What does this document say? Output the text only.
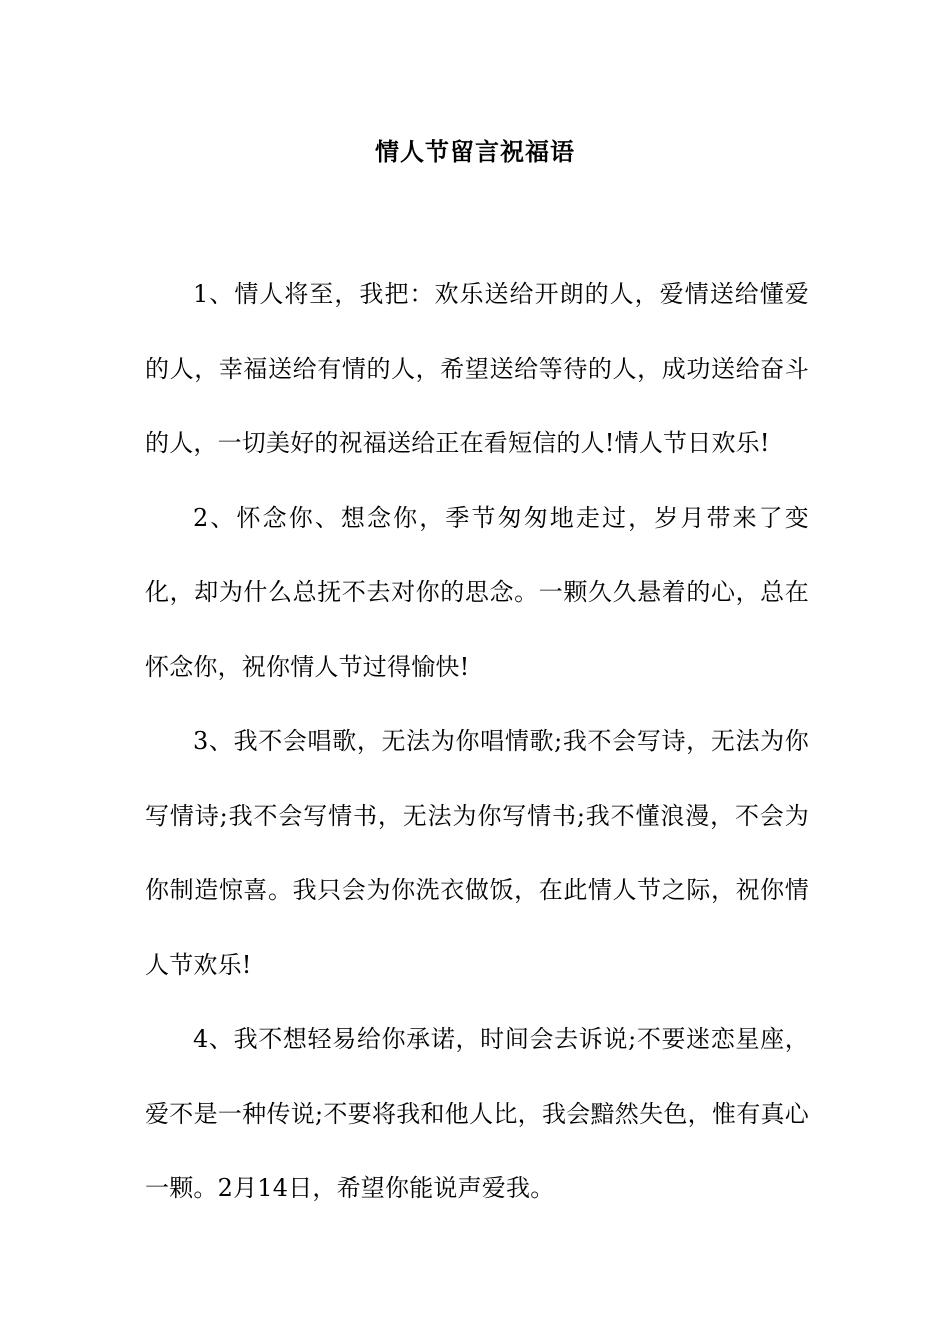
情人节留言祝福语

1、情人将至，我把：欢乐送给开朗的人，爱情送给懂爱的人，幸福送给有情的人，希望送给等待的人，成功送给奋斗的人，一切美好的祝福送给正在看短信的人!情人节日欢乐!

2、怀念你、想念你，季节匆匆地走过，岁月带来了变化，却为什么总抚不去对你的思念。一颗久久悬着的心，总在怀念你，祝你情人节过得愉快!

3、我不会唱歌，无法为你唱情歌;我不会写诗，无法为你写情诗;我不会写情书，无法为你写情书;我不懂浪漫，不会为你制造惊喜。我只会为你洗衣做饭，在此情人节之际，祝你情人节欢乐!

4、我不想轻易给你承诺，时间会去诉说;不要迷恋星座，爱不是一种传说;不要将我和他人比，我会黯然失色，惟有真心一颗。2月14日，希望你能说声爱我。
